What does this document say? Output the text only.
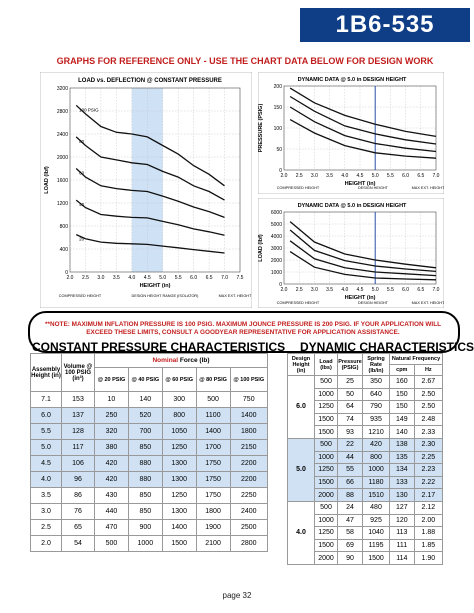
1B6-535
GRAPHS FOR REFERENCE ONLY - USE THE CHART DATA BELOW FOR DESIGN WORK
LOAD vs. DEFLECTION @ CONSTANT PRESSURE
2.0 2.5 3.0 3.5 4.0 4.5 5.0 5.5 6.0 6.5 7.0 7.5
0
400
800
1200
1600
2000
2400
2800
3200
100 PSIG
80
60
40
20
HEIGHT (in)
LOAD (lbf)
COMPRESSED HEIGHT	DESIGN HEIGHT RANGE (ISOLATOR)	MAX EXT. HEIGHT
DYNAMIC DATA @ 5.0 in DESIGN HEIGHT
2.0 2.5 3.0 3.5 4.0 4.5 5.0 5.5 6.0 6.5 7.0
0
50
100
150
200
HEIGHT (in)
PRESSURE (PSIG)
COMPRESSED HEIGHT	DESIGN HEIGHT	MAX EXT. HEIGHT
DYNAMIC DATA @ 5.0 in DESIGN HEIGHT
2.0 2.5 3.0 3.5 4.0 4.5 5.0 5.5 6.0 6.5 7.0
0
1000
2000
3000
4000
5000
6000
HEIGHT (in)
LOAD (lbf)
COMPRESSED HEIGHT	DESIGN HEIGHT	MAX EXT. HEIGHT
**NOTE: MAXIMUM INFLATION PRESSURE IS 100 PSIG. MAXIMUM JOUNCE PRESSURE IS 200 PSIG. IF YOUR APPLICATION WILL EXCEED THESE LIMITS, CONSULT A GOODYEAR REPRESENTATIVE FOR APPLICATION ASSISTANCE.
CONSTANT PRESSURE CHARACTERISTICS
Assembly Height (in)	Volume @ 100 PSIG (in³)	Nominal Force (lb)				
		@ 20 PSIG	@ 40 PSIG	@ 60 PSIG	@ 80 PSIG	@ 100 PSIG
7.1	153	10	140	300	500	750
6.0	137	250	520	800	1100	1400
5.5	128	320	700	1050	1400	1800
5.0	117	380	850	1250	1700	2150
4.5	106	420	880	1300	1750	2200
4.0	96	420	880	1300	1750	2200
3.5	86	430	850	1250	1750	2250
3.0	76	440	850	1300	1800	2400
2.5	65	470	900	1400	1900	2500
2.0	54	500	1000	1500	2100	2800
DYNAMIC CHARACTERISTICS
Design Height (in)	Load (lbs)	Pressure (PSIG)	Spring Rate (lb/in)	Natural Frequency	
				cpm	Hz
6.0	500	25	350	160	2.67
	1000	50	640	150	2.50
	1250	64	790	150	2.50
	1500	74	935	149	2.48
	1500	93	1210	140	2.33
5.0	500	22	420	138	2.30
	1000	44	800	135	2.25
	1250	55	1000	134	2.23
	1500	66	1180	133	2.22
	2000	88	1510	130	2.17
4.0	500	24	480	127	2.12
	1000	47	925	120	2.00
	1250	58	1040	113	1.88
	1500	69	1195	111	1.85
	2000	90	1500	114	1.90
page 32
